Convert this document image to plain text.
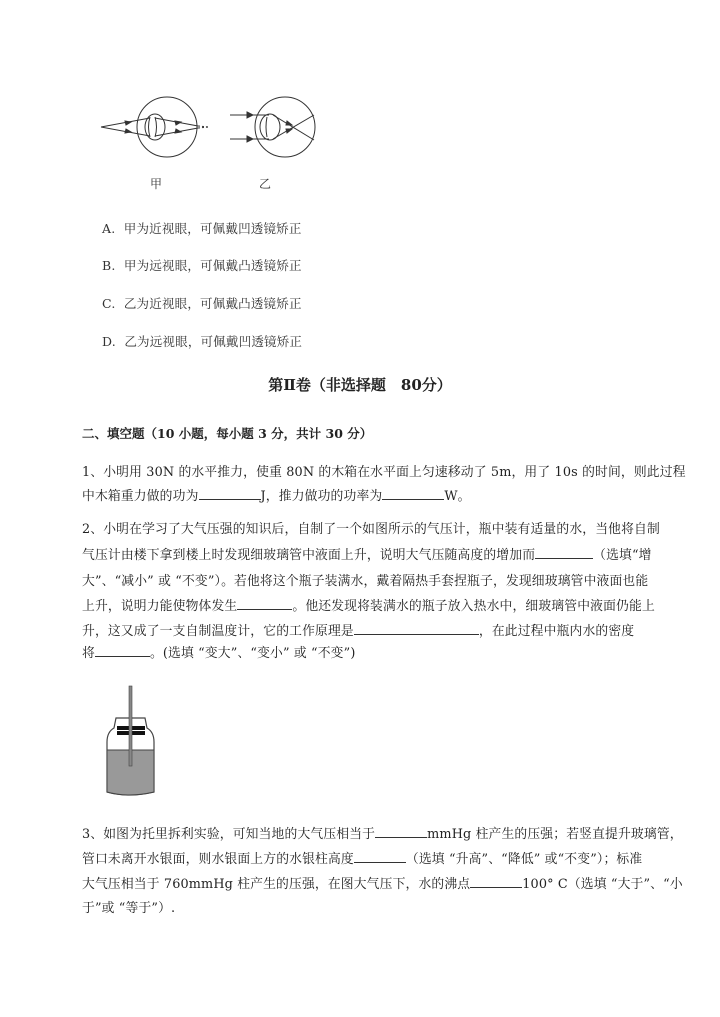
甲	乙
A. 甲为近视眼，可佩戴凹透镜矫正
B. 甲为远视眼，可佩戴凸透镜矫正
C. 乙为近视眼，可佩戴凸透镜矫正
D. 乙为远视眼，可佩戴凹透镜矫正
第Ⅱ卷（非选择题　80分）
二、填空题（10 小题，每小题 3 分，共计 30 分）
1、小明用 30N 的水平推力，使重 80N 的木箱在水平面上匀速移动了 5m，用了 10s 的时间，则此过程
中木箱重力做的功为	J，推力做功的功率为	W。
2、小明在学习了大气压强的知识后，自制了一个如图所示的气压计，瓶中装有适量的水，当他将自制
气压计由楼下拿到楼上时发现细玻璃管中液面上升，说明大气压随高度的增加而	（选填“增
大”、“减小” 或 “不变”）。若他将这个瓶子装满水，戴着隔热手套捏瓶子，发现细玻璃管中液面也能
上升，说明力能使物体发生	。他还发现将装满水的瓶子放入热水中，细玻璃管中液面仍能上
升，这又成了一支自制温度计，它的工作原理是	，在此过程中瓶内水的密度
将	。(选填 “变大”、“变小” 或 “不变”)
3、如图为托里拆利实验，可知当地的大气压相当于	mmHg 柱产生的压强；若竖直提升玻璃管，
管口未离开水银面，则水银面上方的水银柱高度	（选填 “升高”、“降低” 或“不变”）；标准
大气压相当于 760mmHg 柱产生的压强，在图大气压下，水的沸点	100° C（选填 “大于”、“小
于”或 “等于”）.
